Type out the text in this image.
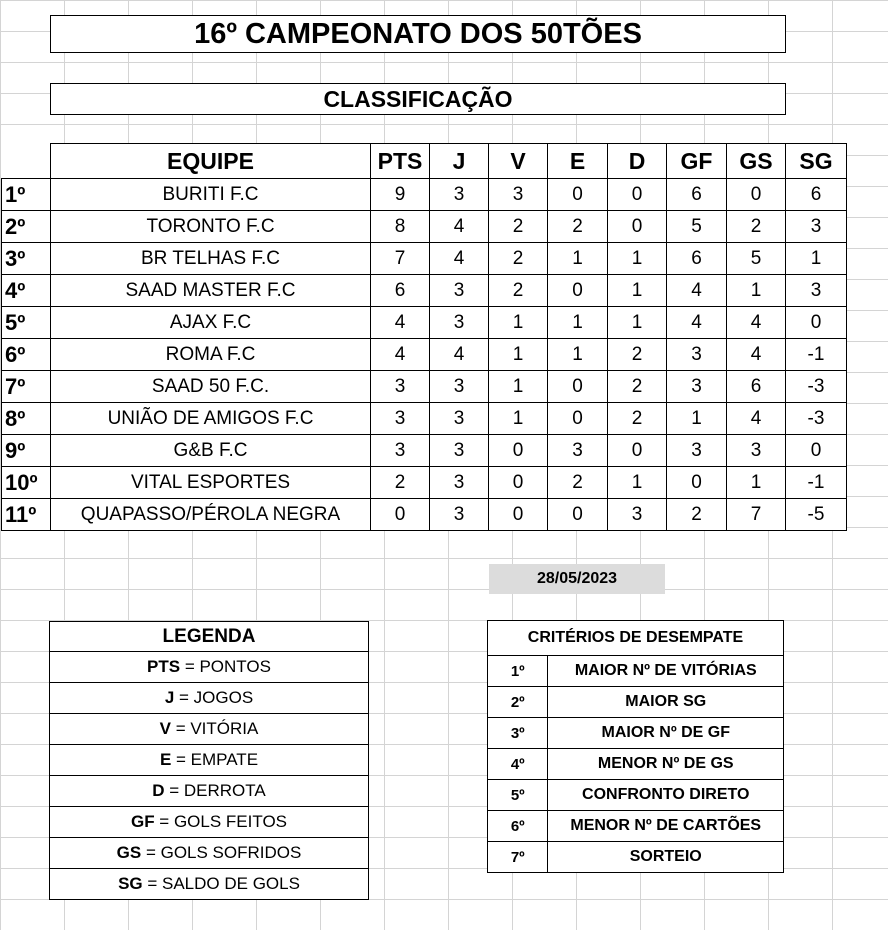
16º CAMPEONATO DOS 50TÕES
CLASSIFICAÇÃO
	EQUIPE	PTS	J	V	E	D	GF	GS	SG
1º	BURITI F.C	9	3	3	0	0	6	0	6
2º	TORONTO F.C	8	4	2	2	0	5	2	3
3º	BR TELHAS F.C	7	4	2	1	1	6	5	1
4º	SAAD MASTER F.C	6	3	2	0	1	4	1	3
5º	AJAX F.C	4	3	1	1	1	4	4	0
6º	ROMA F.C	4	4	1	1	2	3	4	-1
7º	SAAD 50 F.C.	3	3	1	0	2	3	6	-3
8º	UNIÃO DE AMIGOS F.C	3	3	1	0	2	1	4	-3
9º	G&B F.C	3	3	0	3	0	3	3	0
10º	VITAL ESPORTES	2	3	0	2	1	0	1	-1
11º	QUAPASSO/PÉROLA NEGRA	0	3	0	0	3	2	7	-5
28/05/2023
LEGENDA
PTS = PONTOS
J = JOGOS
V = VITÓRIA
E = EMPATE
D = DERROTA
GF = GOLS FEITOS
GS = GOLS SOFRIDOS
SG = SALDO DE GOLS
CRITÉRIOS DE DESEMPATE	
1º	MAIOR Nº DE VITÓRIAS
2º	MAIOR SG
3º	MAIOR Nº DE GF
4º	MENOR Nº DE GS
5º	CONFRONTO DIRETO
6º	MENOR Nº DE CARTÕES
7º	SORTEIO
